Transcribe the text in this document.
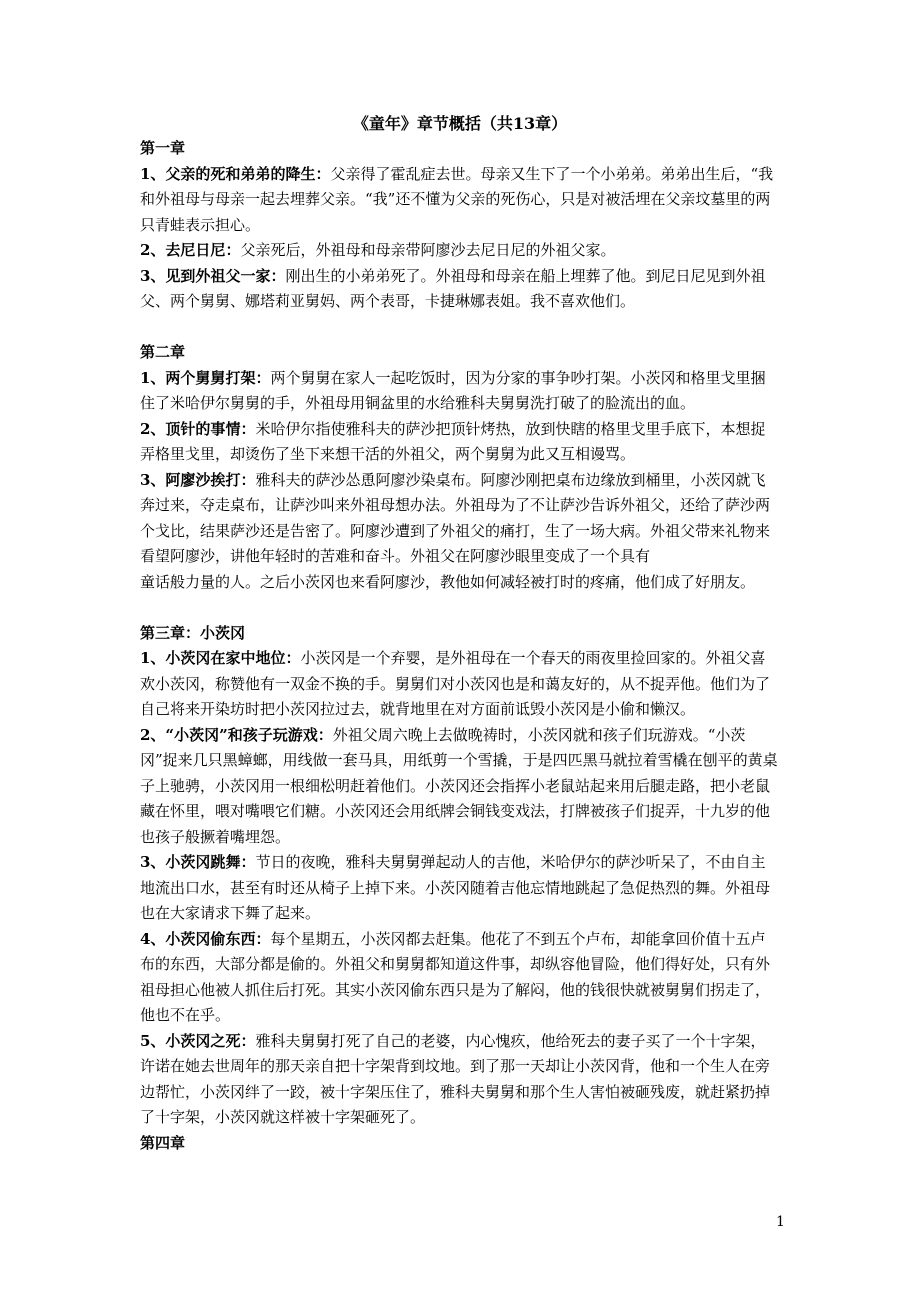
《童年》章节概括（共13章）

第一章

1、父亲的死和弟弟的降生：父亲得了霍乱症去世。母亲又生下了一个小弟弟。弟弟出生后，“我和外祖母与母亲一起去埋葬父亲。“我”还不懂为父亲的死伤心，只是对被活埋在父亲坟墓里的两只青蛙表示担心。

2、去尼日尼：父亲死后，外祖母和母亲带阿廖沙去尼日尼的外祖父家。

3、见到外祖父一家：刚出生的小弟弟死了。外祖母和母亲在船上埋葬了他。到尼日尼见到外祖父、两个舅舅、娜塔莉亚舅妈、两个表哥，卡捷琳娜表姐。我不喜欢他们。

第二章

1、两个舅舅打架：两个舅舅在家人一起吃饭时，因为分家的事争吵打架。小茨冈和格里戈里捆住了米哈伊尔舅舅的手，外祖母用铜盆里的水给雅科夫舅舅洗打破了的脸流出的血。

2、顶针的事情：米哈伊尔指使雅科夫的萨沙把顶针烤热，放到快瞎的格里戈里手底下，本想捉弄格里戈里，却烫伤了坐下来想干活的外祖父，两个舅舅为此又互相谩骂。

3、阿廖沙挨打：雅科夫的萨沙怂恿阿廖沙染桌布。阿廖沙刚把桌布边缘放到桶里，小茨冈就飞奔过来，夺走桌布，让萨沙叫来外祖母想办法。外祖母为了不让萨沙告诉外祖父，还给了萨沙两个戈比，结果萨沙还是告密了。阿廖沙遭到了外祖父的痛打，生了一场大病。外祖父带来礼物来看望阿廖沙，讲他年轻时的苦难和奋斗。外祖父在阿廖沙眼里变成了一个具有

童话般力量的人。之后小茨冈也来看阿廖沙，教他如何减轻被打时的疼痛，他们成了好朋友。

第三章：小茨冈

1、小茨冈在家中地位：小茨冈是一个弃婴，是外祖母在一个春天的雨夜里捡回家的。外祖父喜欢小茨冈，称赞他有一双金不换的手。舅舅们对小茨冈也是和蔼友好的，从不捉弄他。他们为了自己将来开染坊时把小茨冈拉过去，就背地里在对方面前诋毁小茨冈是小偷和懒汉。

2、“小茨冈”和孩子玩游戏：外祖父周六晚上去做晚祷时，小茨冈就和孩子们玩游戏。“小茨冈”捉来几只黑蟑螂，用线做一套马具，用纸剪一个雪撬，于是四匹黑马就拉着雪橇在刨平的黄桌子上驰骋，小茨冈用一根细松明赶着他们。小茨冈还会指挥小老鼠站起来用后腿走路，把小老鼠藏在怀里，喂对嘴喂它们糖。小茨冈还会用纸牌会铜钱变戏法，打牌被孩子们捉弄，十九岁的他也孩子般撅着嘴埋怨。

3、小茨冈跳舞：节日的夜晚，雅科夫舅舅弹起动人的吉他，米哈伊尔的萨沙听呆了，不由自主地流出口水，甚至有时还从椅子上掉下来。小茨冈随着吉他忘情地跳起了急促热烈的舞。外祖母也在大家请求下舞了起来。

4、小茨冈偷东西：每个星期五，小茨冈都去赶集。他花了不到五个卢布，却能拿回价值十五卢布的东西，大部分都是偷的。外祖父和舅舅都知道这件事，却纵容他冒险，他们得好处，只有外祖母担心他被人抓住后打死。其实小茨冈偷东西只是为了解闷，他的钱很快就被舅舅们拐走了，他也不在乎。

5、小茨冈之死：雅科夫舅舅打死了自己的老婆，内心愧疚，他给死去的妻子买了一个十字架，许诺在她去世周年的那天亲自把十字架背到坟地。到了那一天却让小茨冈背，他和一个生人在旁边帮忙，小茨冈绊了一跤，被十字架压住了，雅科夫舅舅和那个生人害怕被砸残废，就赶紧扔掉了十字架，小茨冈就这样被十字架砸死了。

第四章

1
